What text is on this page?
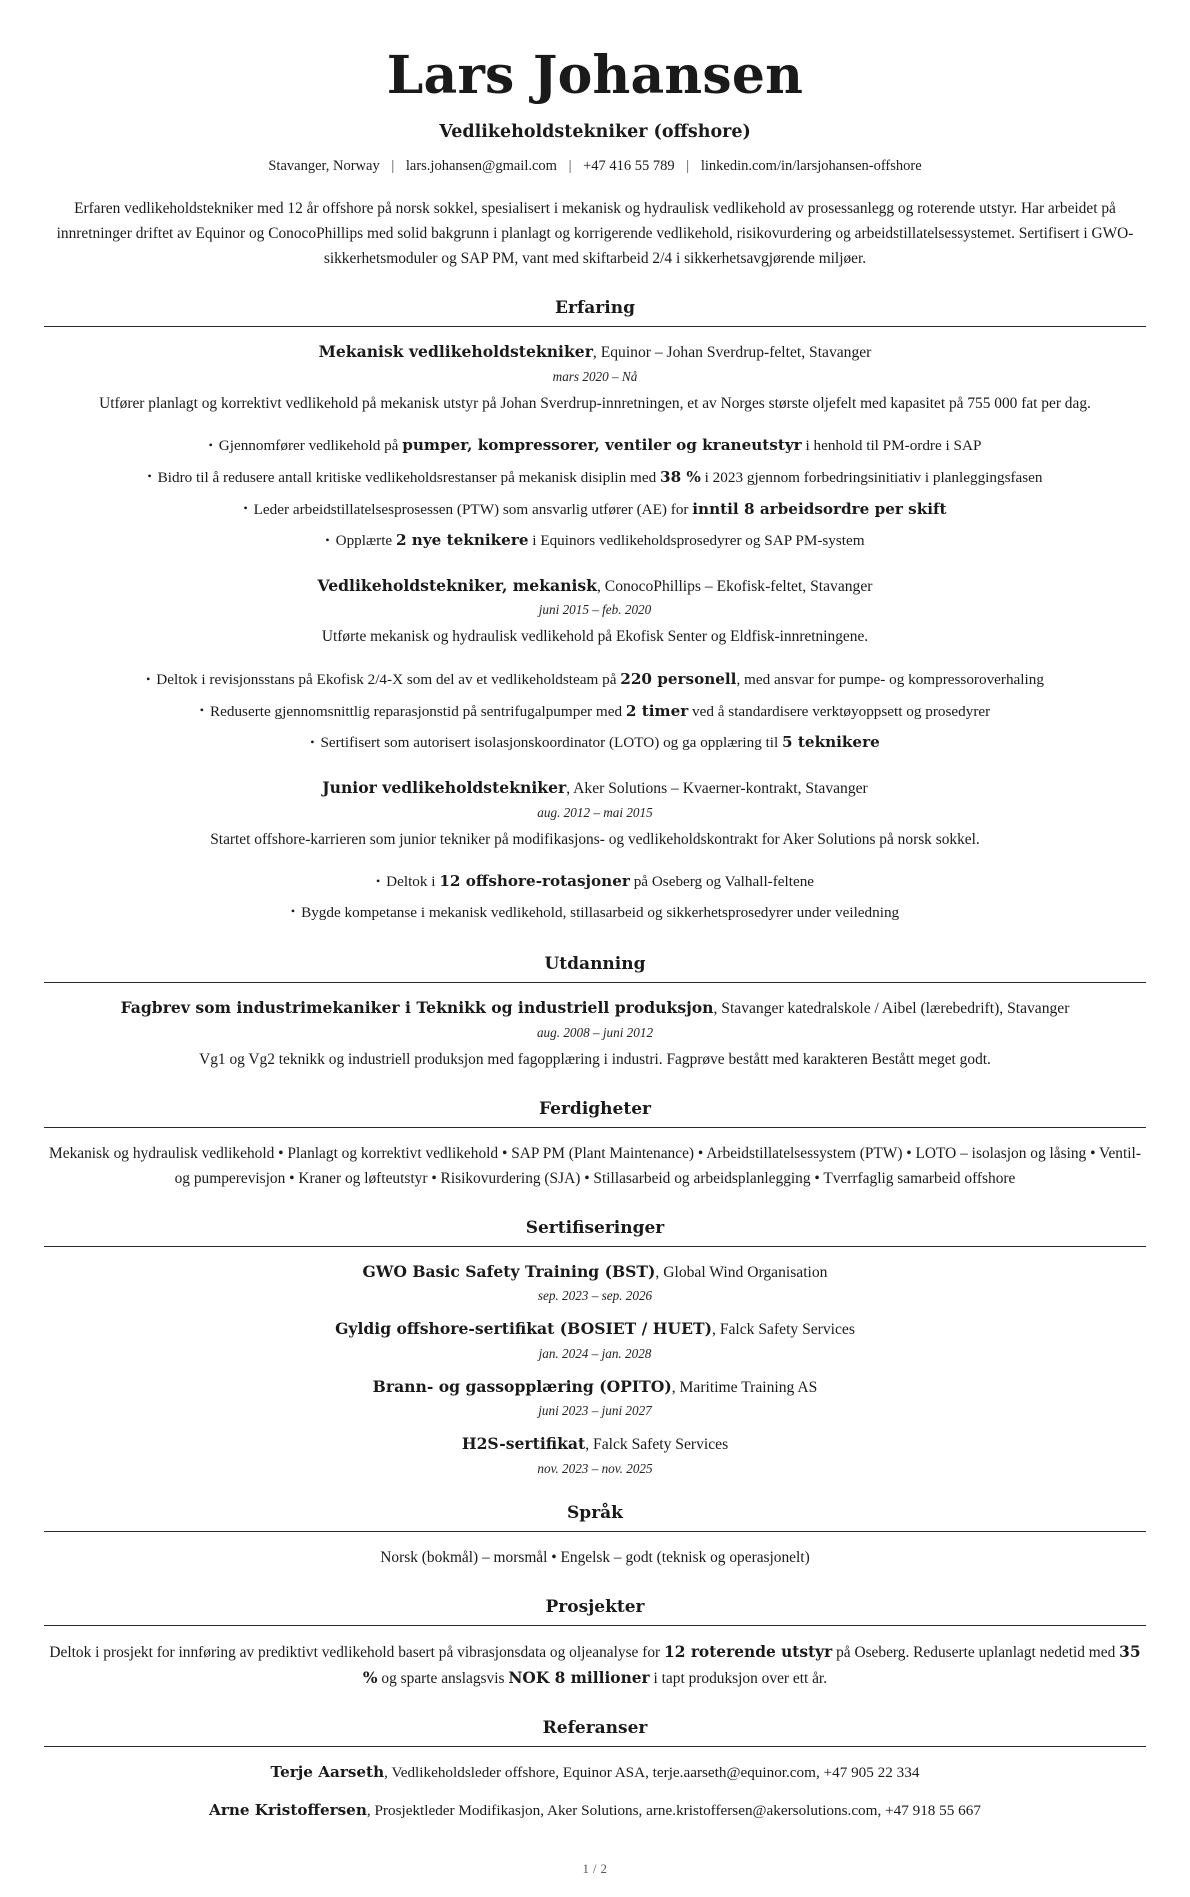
Lars Johansen
Vedlikeholdstekniker (offshore)
Stavanger, Norway | lars.johansen@gmail.com | +47 416 55 789 | linkedin.com/in/larsjohansen-offshore

Erfaren vedlikeholdstekniker med 12 år offshore på norsk sokkel, spesialisert i mekanisk og hydraulisk vedlikehold av prosessanlegg og roterende utstyr. Har arbeidet på innretninger driftet av Equinor og ConocoPhillips med solid bakgrunn i planlagt og korrigerende vedlikehold, risikovurdering og arbeidstillatelsessystemet. Sertifisert i GWO-sikkerhetsmoduler og SAP PM, vant med skiftarbeid 2/4 i sikkerhetsavgjørende miljøer.

Erfaring
Mekanisk vedlikeholdstekniker, Equinor – Johan Sverdrup-feltet, Stavanger
mars 2020 – Nå
Utfører planlagt og korrektivt vedlikehold på mekanisk utstyr på Johan Sverdrup-innretningen, et av Norges største oljefelt med kapasitet på 755 000 fat per dag.
• Gjennomfører vedlikehold på pumper, kompressorer, ventiler og kraneutstyr i henhold til PM-ordre i SAP
• Bidro til å redusere antall kritiske vedlikeholdsrestanser på mekanisk disiplin med 38 % i 2023 gjennom forbedringsinitiativ i planleggingsfasen
• Leder arbeidstillatelsesprosessen (PTW) som ansvarlig utfører (AE) for inntil 8 arbeidsordre per skift
• Opplærte 2 nye teknikere i Equinors vedlikeholdsprosedyrer og SAP PM-system
Vedlikeholdstekniker, mekanisk, ConocoPhillips – Ekofisk-feltet, Stavanger
juni 2015 – feb. 2020
Utførte mekanisk og hydraulisk vedlikehold på Ekofisk Senter og Eldfisk-innretningene.
• Deltok i revisjonsstans på Ekofisk 2/4-X som del av et vedlikeholdsteam på 220 personell, med ansvar for pumpe- og kompressoroverhaling
• Reduserte gjennomsnittlig reparasjonstid på sentrifugalpumper med 2 timer ved å standardisere verktøyoppsett og prosedyrer
• Sertifisert som autorisert isolasjonskoordinator (LOTO) og ga opplæring til 5 teknikere
Junior vedlikeholdstekniker, Aker Solutions – Kvaerner-kontrakt, Stavanger
aug. 2012 – mai 2015
Startet offshore-karrieren som junior tekniker på modifikasjons- og vedlikeholdskontrakt for Aker Solutions på norsk sokkel.
• Deltok i 12 offshore-rotasjoner på Oseberg og Valhall-feltene
• Bygde kompetanse i mekanisk vedlikehold, stillasarbeid og sikkerhetsprosedyrer under veiledning
Utdanning
Fagbrev som industrimekaniker i Teknikk og industriell produksjon, Stavanger katedralskole / Aibel (lærebedrift), Stavanger
aug. 2008 – juni 2012
Vg1 og Vg2 teknikk og industriell produksjon med fagopplæring i industri. Fagprøve bestått med karakteren Bestått meget godt.
Ferdigheter
Mekanisk og hydraulisk vedlikehold • Planlagt og korrektivt vedlikehold • SAP PM (Plant Maintenance) • Arbeidstillatelsessystem (PTW) • LOTO – isolasjon og låsing • Ventil- og pumperevisjon • Kraner og løfteutstyr • Risikovurdering (SJA) • Stillasarbeid og arbeidsplanlegging • Tverrfaglig samarbeid offshore
Sertifiseringer
GWO Basic Safety Training (BST), Global Wind Organisation
sep. 2023 – sep. 2026
Gyldig offshore-sertifikat (BOSIET / HUET), Falck Safety Services
jan. 2024 – jan. 2028
Brann- og gassopplæring (OPITO), Maritime Training AS
juni 2023 – juni 2027
H2S-sertifikat, Falck Safety Services
nov. 2023 – nov. 2025
Språk
Norsk (bokmål) – morsmål • Engelsk – godt (teknisk og operasjonelt)
Prosjekter
Deltok i prosjekt for innføring av prediktivt vedlikehold basert på vibrasjonsdata og oljeanalyse for 12 roterende utstyr på Oseberg. Reduserte uplanlagt nedetid med 35 % og sparte anslagsvis NOK 8 millioner i tapt produksjon over ett år.
Referanser
Terje Aarseth, Vedlikeholdsleder offshore, Equinor ASA, terje.aarseth@equinor.com, +47 905 22 334
Arne Kristoffersen, Prosjektleder Modifikasjon, Aker Solutions, arne.kristoffersen@akersolutions.com, +47 918 55 667
1 / 2
